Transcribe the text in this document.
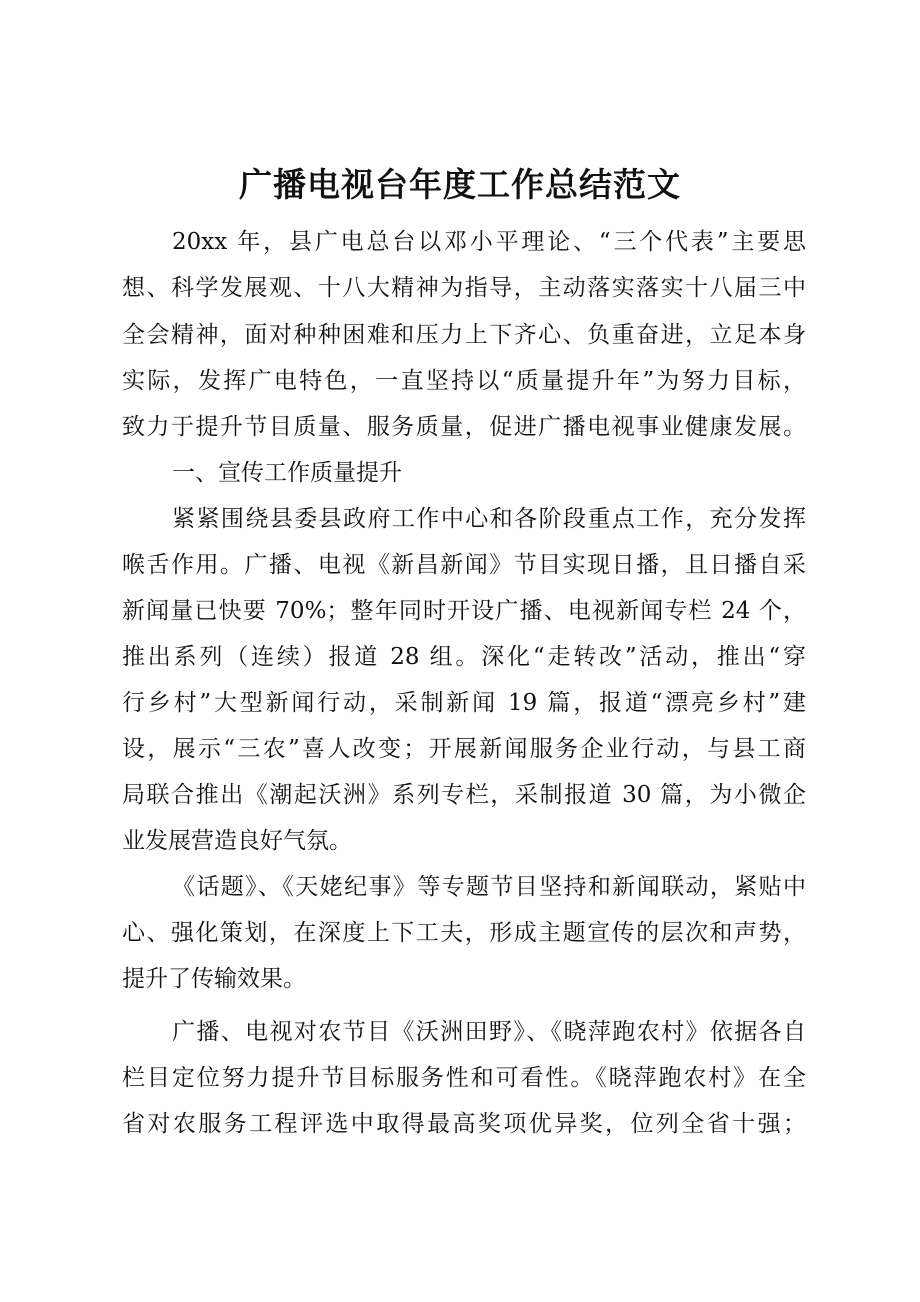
广播电视台年度工作总结范文

20xx 年，县广电总台以邓小平理论、“三个代表”主要思

想、科学发展观、十八大精神为指导，主动落实落实十八届三中

全会精神，面对种种困难和压力上下齐心、负重奋进，立足本身

实际，发挥广电特色，一直坚持以“质量提升年”为努力目标，

致力于提升节目质量、服务质量，促进广播电视事业健康发展。

一、宣传工作质量提升

紧紧围绕县委县政府工作中心和各阶段重点工作，充分发挥

喉舌作用。广播、电视《新昌新闻》节目实现日播，且日播自采

新闻量已快要 70%；整年同时开设广播、电视新闻专栏 24 个，

推出系列（连续）报道 28 组。深化“走转改”活动，推出“穿

行乡村”大型新闻行动，采制新闻 19 篇，报道“漂亮乡村”建

设，展示“三农”喜人改变；开展新闻服务企业行动，与县工商

局联合推出《潮起沃洲》系列专栏，采制报道 30 篇，为小微企

业发展营造良好气氛。

《话题》、《天姥纪事》等专题节目坚持和新闻联动，紧贴中

心、强化策划，在深度上下工夫，形成主题宣传的层次和声势，

提升了传输效果。

广播、电视对农节目《沃洲田野》、《晓萍跑农村》依据各自

栏目定位努力提升节目标服务性和可看性。《晓萍跑农村》在全

省对农服务工程评选中取得最高奖项优异奖，位列全省十强；
